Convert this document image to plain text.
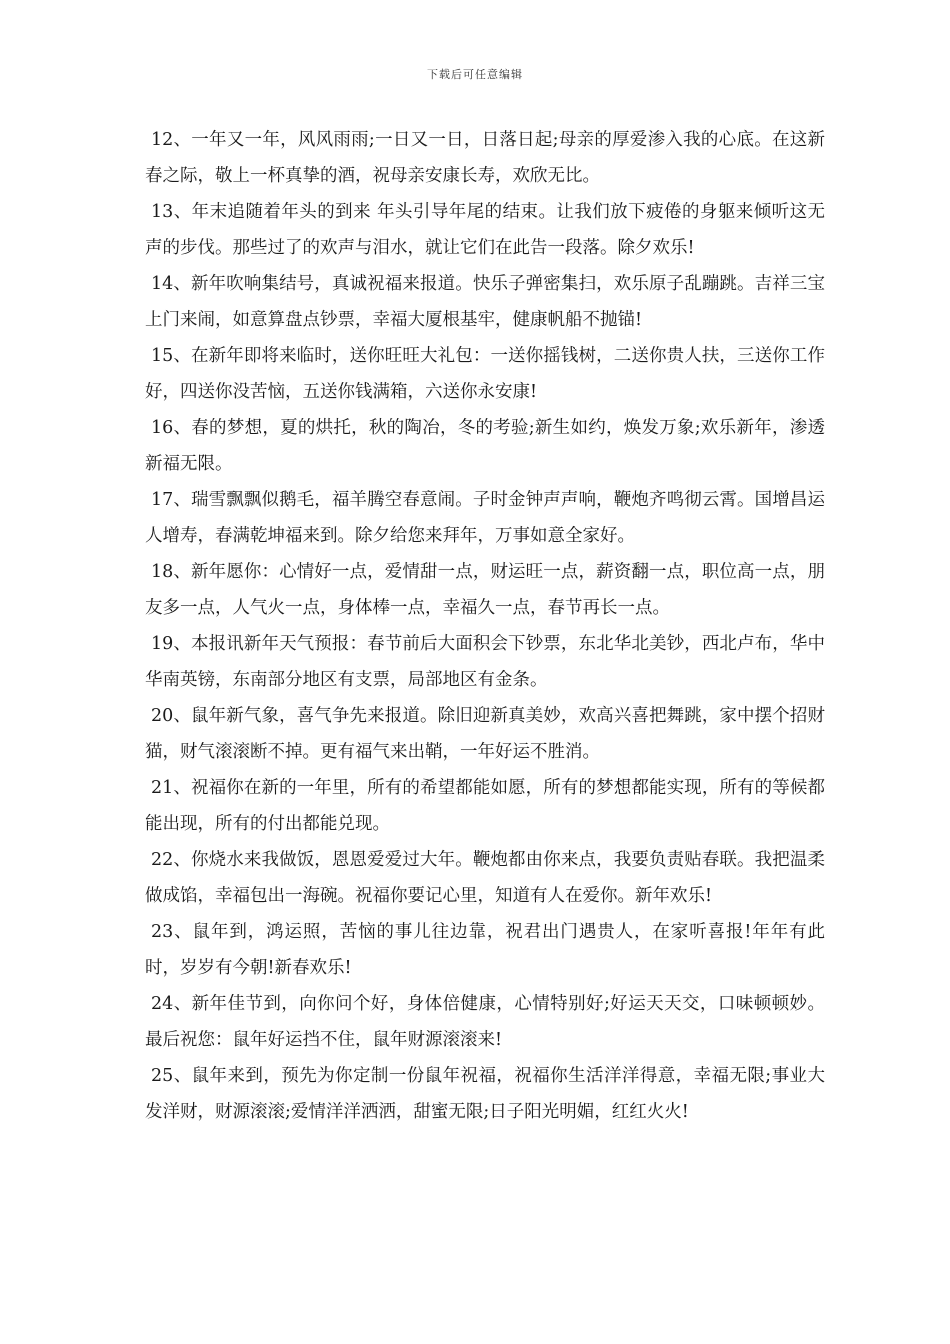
下载后可任意编辑

12、一年又一年，风风雨雨;一日又一日，日落日起;母亲的厚爱渗入我的心底。在这新春之际，敬上一杯真挚的酒，祝母亲安康长寿，欢欣无比。

13、年末追随着年头的到来 年头引导年尾的结束。让我们放下疲倦的身躯来倾听这无声的步伐。那些过了的欢声与泪水，就让它们在此告一段落。除夕欢乐!

14、新年吹响集结号，真诚祝福来报道。快乐子弹密集扫，欢乐原子乱蹦跳。吉祥三宝上门来闹，如意算盘点钞票，幸福大厦根基牢，健康帆船不抛锚!

15、在新年即将来临时，送你旺旺大礼包：一送你摇钱树，二送你贵人扶，三送你工作好，四送你没苦恼，五送你钱满箱，六送你永安康!

16、春的梦想，夏的烘托，秋的陶冶，冬的考验;新生如约，焕发万象;欢乐新年，渗透新福无限。

17、瑞雪飘飘似鹅毛，福羊腾空春意闹。子时金钟声声响，鞭炮齐鸣彻云霄。国增昌运人增寿，春满乾坤福来到。除夕给您来拜年，万事如意全家好。

18、新年愿你：心情好一点，爱情甜一点，财运旺一点，薪资翻一点，职位高一点，朋友多一点，人气火一点，身体棒一点，幸福久一点，春节再长一点。

19、本报讯新年天气预报：春节前后大面积会下钞票，东北华北美钞，西北卢布，华中华南英镑，东南部分地区有支票，局部地区有金条。

20、鼠年新气象，喜气争先来报道。除旧迎新真美妙，欢高兴喜把舞跳，家中摆个招财猫，财气滚滚断不掉。更有福气来出鞘，一年好运不胜消。

21、祝福你在新的一年里，所有的希望都能如愿，所有的梦想都能实现，所有的等候都能出现，所有的付出都能兑现。

22、你烧水来我做饭，恩恩爱爱过大年。鞭炮都由你来点，我要负责贴春联。我把温柔做成馅，幸福包出一海碗。祝福你要记心里，知道有人在爱你。新年欢乐!

23、鼠年到，鸿运照，苦恼的事儿往边靠，祝君出门遇贵人，在家听喜报!年年有此时，岁岁有今朝!新春欢乐!

24、新年佳节到，向你问个好，身体倍健康，心情特别好;好运天天交，口味顿顿妙。最后祝您：鼠年好运挡不住，鼠年财源滚滚来!

25、鼠年来到，预先为你定制一份鼠年祝福，祝福你生活洋洋得意，幸福无限;事业大发洋财，财源滚滚;爱情洋洋洒洒，甜蜜无限;日子阳光明媚，红红火火!
